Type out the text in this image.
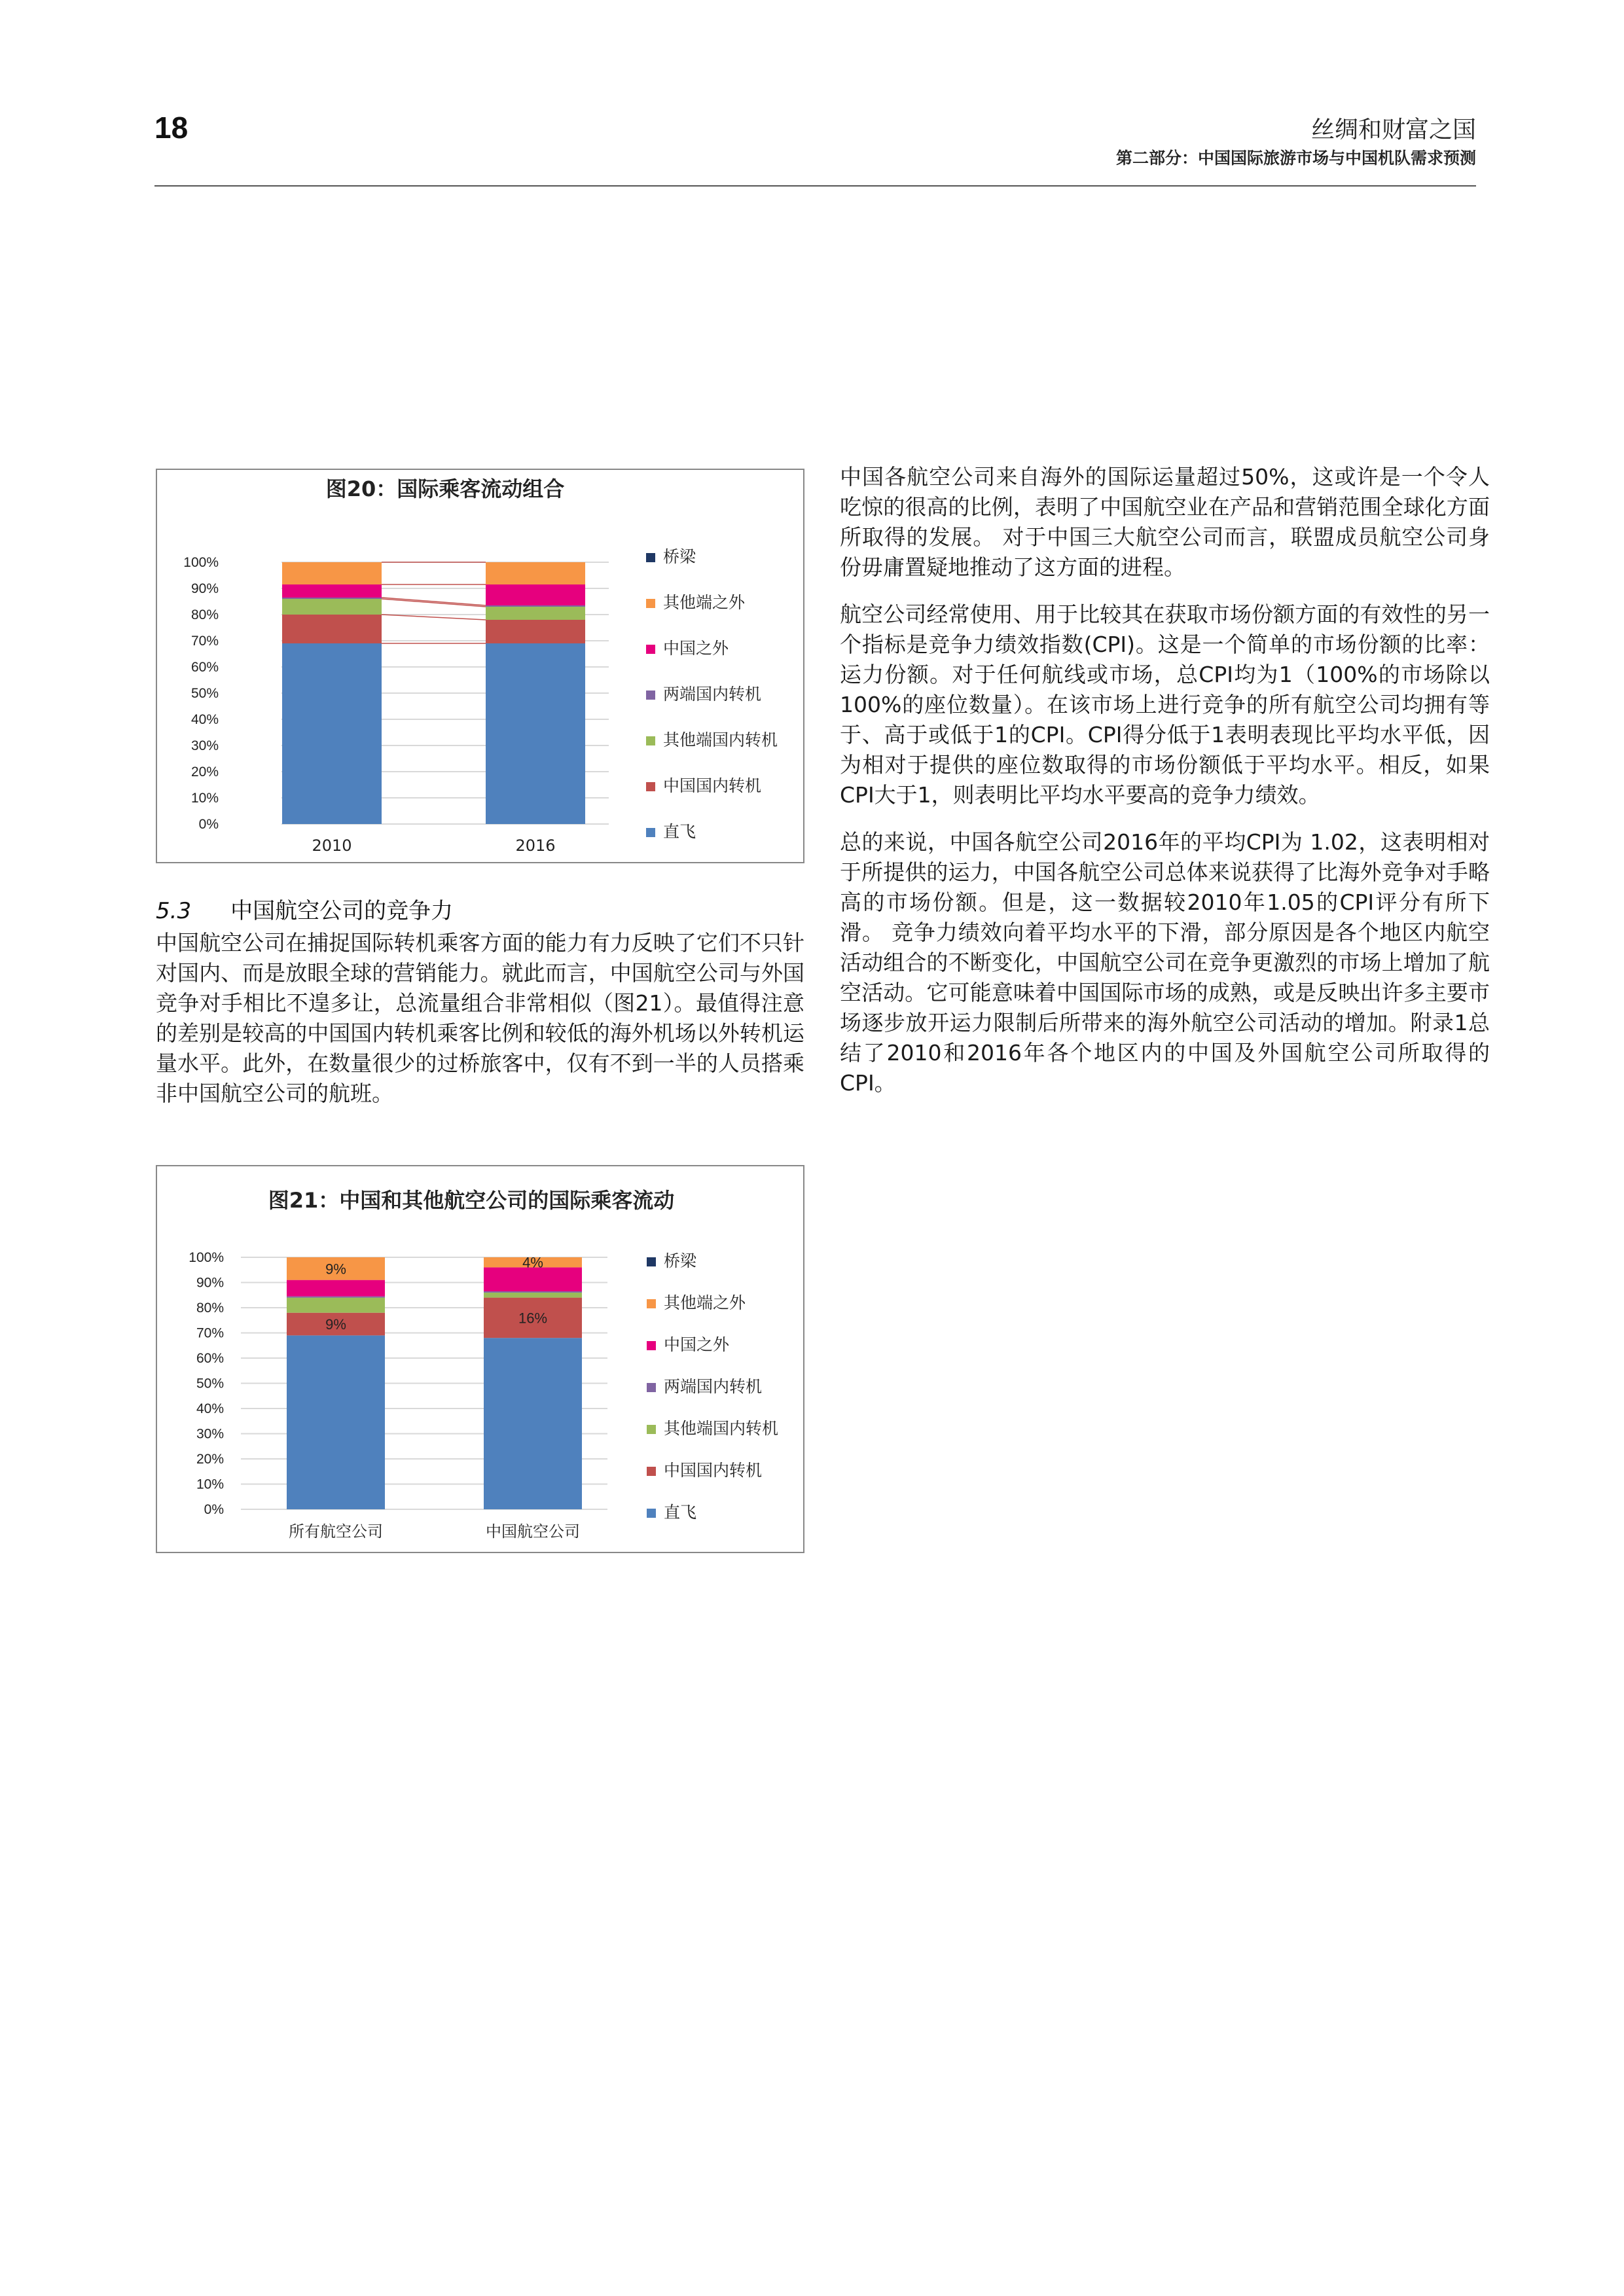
18	丝绸和财富之国
第二部分：中国国际旅游市场与中国机队需求预测
图20：国际乘客流动组合
100%
90%
80%
70%
60%
50%
40%
30%
20%
10%
0%
2010	2016
桥梁
其他端之外
中国之外
两端国内转机
其他端国内转机
中国国内转机
直飞
5.3 中国航空公司的竞争力
中国航空公司在捕捉国际转机乘客方面的能力有力反映了它们不只针对国内、而是放眼全球的营销能力。就此而言，中国航空公司与外国竞争对手相比不遑多让，总流量组合非常相似（图21）。最值得注意的差别是较高的中国国内转机乘客比例和较低的海外机场以外转机运量水平。此外，在数量很少的过桥旅客中，仅有不到一半的人员搭乘非中国航空公司的航班。
图21：中国和其他航空公司的国际乘客流动
100%
90%
80%
70%
60%
50%
40%
30%
20%
10%
0%
9%
9%
所有航空公司
16%
4%
中国航空公司
桥梁
其他端之外
中国之外
两端国内转机
其他端国内转机
中国国内转机
直飞

中国各航空公司来自海外的国际运量超过50%，这或许是一个令人吃惊的很高的比例，表明了中国航空业在产品和营销范围全球化方面所取得的发展。 对于中国三大航空公司而言，联盟成员航空公司身份毋庸置疑地推动了这方面的进程。

航空公司经常使用、用于比较其在获取市场份额方面的有效性的另一个指标是竞争力绩效指数(CPI)。这是一个简单的市场份额的比率：运力份额。对于任何航线或市场，总CPI均为1（100%的市场除以100%的座位数量）。在该市场上进行竞争的所有航空公司均拥有等于、高于或低于1的CPI。CPI得分低于1表明表现比平均水平低，因为相对于提供的座位数取得的市场份额低于平均水平。相反，如果CPI大于1，则表明比平均水平要高的竞争力绩效。

总的来说，中国各航空公司2016年的平均CPI为 1.02，这表明相对于所提供的运力，中国各航空公司总体来说获得了比海外竞争对手略高的市场份额。但是，这一数据较2010年1.05的CPI评分有所下滑。 竞争力绩效向着平均水平的下滑，部分原因是各个地区内航空活动组合的不断变化，中国航空公司在竞争更激烈的市场上增加了航空活动。它可能意味着中国国际市场的成熟，或是反映出许多主要市场逐步放开运力限制后所带来的海外航空公司活动的增加。附录1总结了2010和2016年各个地区内的中国及外国航空公司所取得的CPI。
